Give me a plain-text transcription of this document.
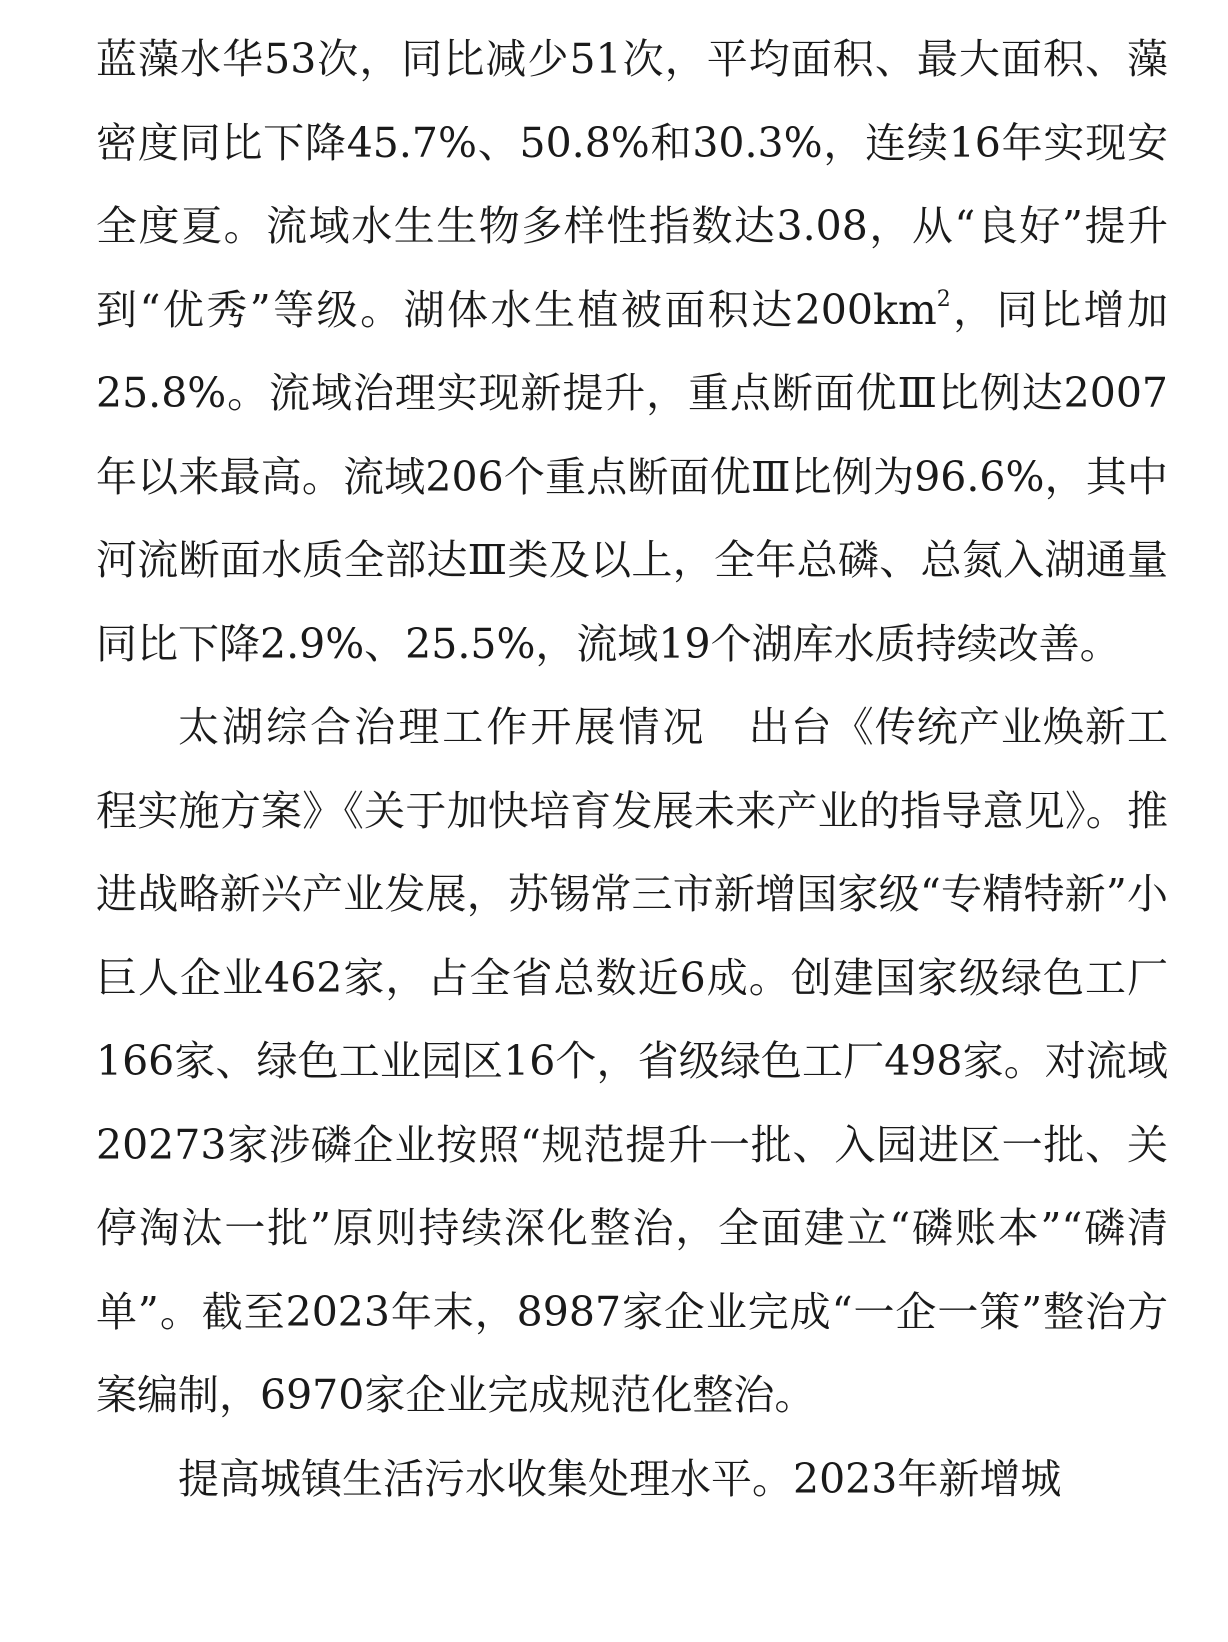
蓝藻水华53次，同比减少51次，平均面积、最大面积、藻密度同比下降45.7%、50.8%和30.3%，连续16年实现安全度夏。流域水生生物多样性指数达3.08，从“良好”提升到“优秀”等级。湖体水生植被面积达$200km^2$，同比增加25.8%。流域治理实现新提升，重点断面优Ⅲ比例达2007年以来最高。流域206个重点断面优Ⅲ比例为96.6%，其中河流断面水质全部达Ⅲ类及以上，全年总磷、总氮入湖通量同比下降2.9%、25.5%，流域19个湖库水质持续改善。

太湖综合治理工作开展情况 出台《传统产业焕新工程实施方案》《关于加快培育发展未来产业的指导意见》。推进战略新兴产业发展，苏锡常三市新增国家级“专精特新”小巨人企业462家，占全省总数近6成。创建国家级绿色工厂166家、绿色工业园区16个，省级绿色工厂498家。对流域20273家涉磷企业按照“规范提升一批、入园进区一批、关停淘汰一批”原则持续深化整治，全面建立“磷账本”“磷清单”。截至2023年末，8987家企业完成“一企一策”整治方案编制，6970家企业完成规范化整治。

提高城镇生活污水收集处理水平。2023年新增城
